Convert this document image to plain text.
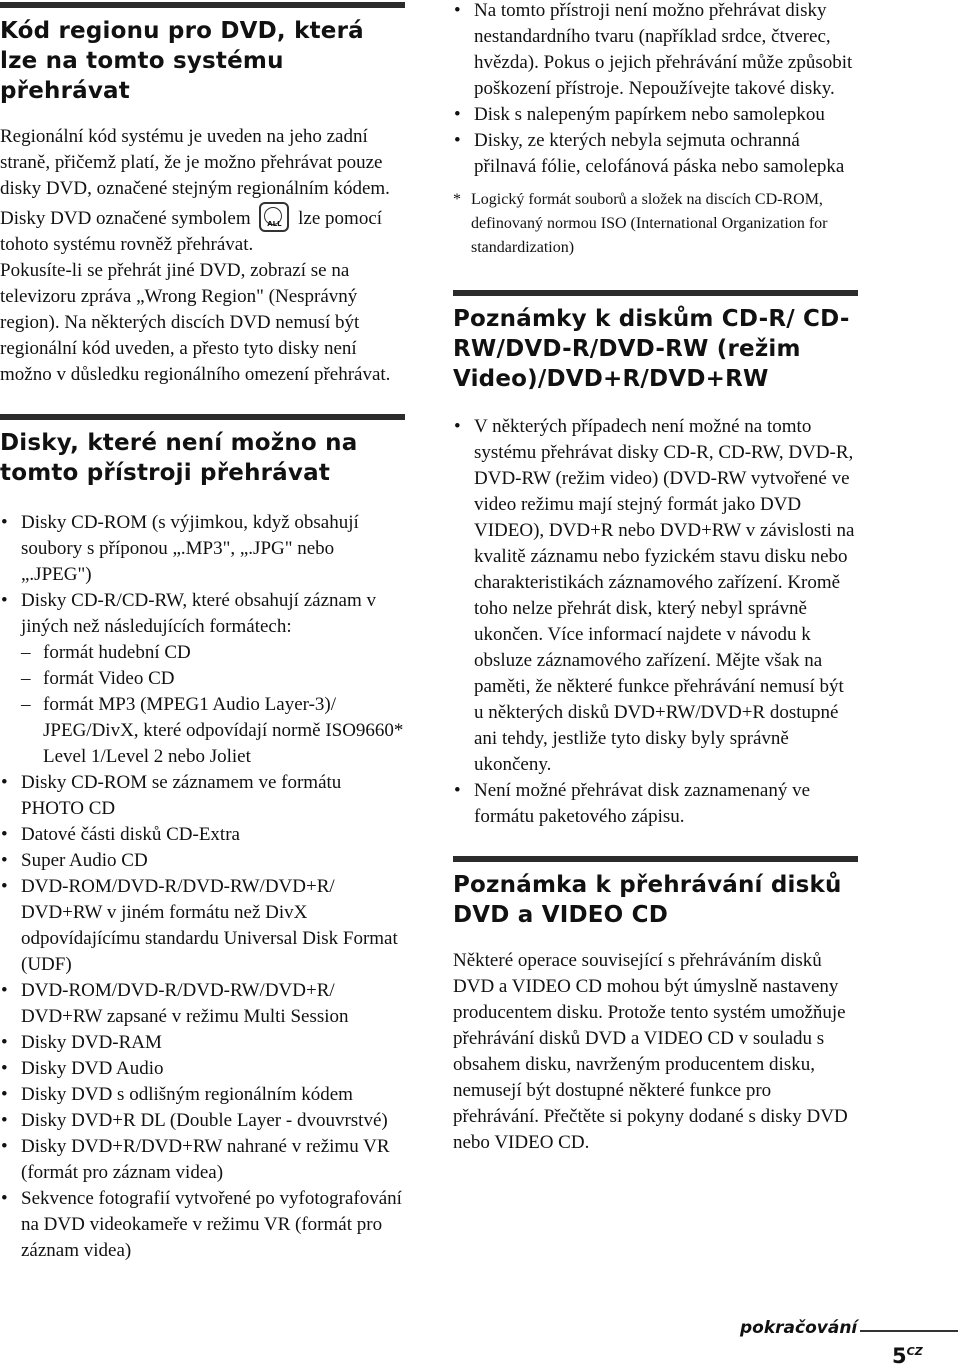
Kód regionu pro DVD, která lze na tomto systému přehrávat

Regionální kód systému je uveden na jeho zadní straně, přičemž platí, že je možno přehrávat pouze disky DVD, označené stejným regionálním kódem.

Disky DVD označené symbolem	ALL lze pomocí tohoto systému rovněž přehrávat.

Pokusíte-li se přehrát jiné DVD, zobrazí se na televizoru zpráva „Wrong Region" (Nesprávný region). Na některých discích DVD nemusí být regionální kód uveden, a přesto tyto disky není možno v důsledku regionálního omezení přehrávat.

Disky, které není možno na tomto přístroji přehrávat
• Disky CD-ROM (s výjimkou, když obsahují soubory s příponou „.MP3", „.JPG" nebo „.JPEG")
• Disky CD-R/CD-RW, které obsahují záznam v jiných než následujících formátech:
– formát hudební CD
– formát Video CD
– formát MP3 (MPEG1 Audio Layer-3)/ JPEG/DivX, které odpovídají normě ISO9660* Level 1/Level 2 nebo Joliet
• Disky CD-ROM se záznamem ve formátu PHOTO CD
• Datové části disků CD-Extra
• Super Audio CD
• DVD-ROM/DVD-R/DVD-RW/DVD+R/ DVD+RW v jiném formátu než DivX odpovídajícímu standardu Universal Disk Format (UDF)
• DVD-ROM/DVD-R/DVD-RW/DVD+R/ DVD+RW zapsané v režimu Multi Session
• Disky DVD-RAM
• Disky DVD Audio
• Disky DVD s odlišným regionálním kódem
• Disky DVD+R DL (Double Layer - dvouvrstvé)
• Disky DVD+R/DVD+RW nahrané v režimu VR (formát pro záznam videa)
• Sekvence fotografií vytvořené po vyfotografování na DVD videokameře v režimu VR (formát pro záznam videa)
• Na tomto přístroji není možno přehrávat disky nestandardního tvaru (například srdce, čtverec, hvězda). Pokus o jejich přehrávání může způsobit poškození přístroje. Nepoužívejte takové disky.
• Disk s nalepeným papírkem nebo samolepkou
• Disky, ze kterých nebyla sejmuta ochranná přilnavá fólie, celofánová páska nebo samolepka
* Logický formát souborů a složek na discích CD-ROM, definovaný normou ISO (International Organization for standardization)
Poznámky k diskům CD-R/ CD-RW/DVD-R/DVD-RW (režim Video)/DVD+R/DVD+RW
• V některých případech není možné na tomto systému přehrávat disky CD-R, CD-RW, DVD-R, DVD-RW (režim video) (DVD-RW vytvořené ve video režimu mají stejný formát jako DVD VIDEO), DVD+R nebo DVD+RW v závislosti na kvalitě záznamu nebo fyzickém stavu disku nebo charakteristikách záznamového zařízení. Kromě toho nelze přehrát disk, který nebyl správně ukončen. Více informací najdete v návodu k obsluze záznamového zařízení. Mějte však na paměti, že některé funkce přehrávání nemusí být u některých disků DVD+RW/DVD+R dostupné ani tehdy, jestliže tyto disky byly správně ukončeny.
• Není možné přehrávat disk zaznamenaný ve formátu paketového zápisu.
Poznámka k přehrávání disků DVD a VIDEO CD

Některé operace související s přehráváním disků DVD a VIDEO CD mohou být úmyslně nastaveny producentem disku. Protože tento systém umožňuje přehrávání disků DVD a VIDEO CD v souladu s obsahem disku, navrženým producentem disku, nemusejí být dostupné některé funkce pro přehrávání. Přečtěte si pokyny dodané s disky DVD nebo VIDEO CD.

pokračování
$5^{CZ}$
